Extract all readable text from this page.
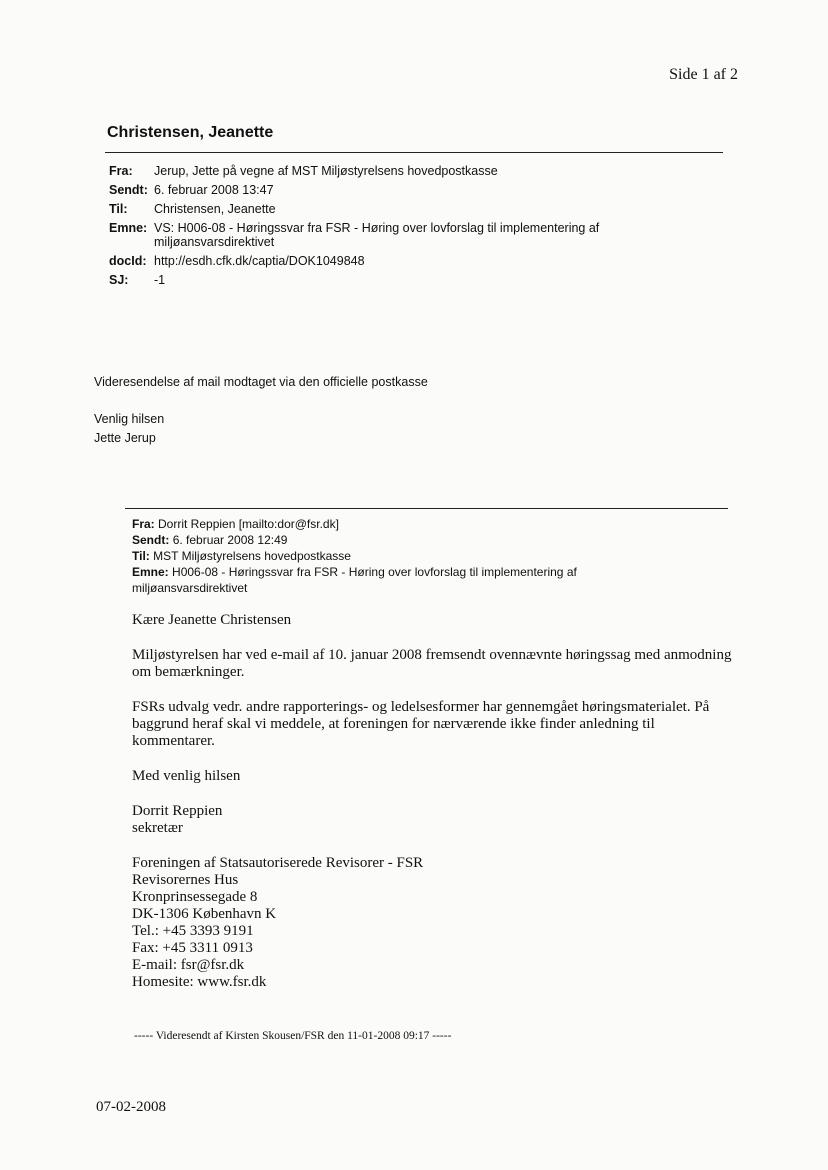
Side 1 af 2
Christensen, Jeanette
Fra:	Jerup, Jette på vegne af MST Miljøstyrelsens hovedpostkasse
Sendt: 6. februar 2008 13:47
Til:	Christensen, Jeanette
Emne: VS: H006-08 - Høringssvar fra FSR - Høring over lovforslag til implementering af miljøansvarsdirektivet
docId: http://esdh.cfk.dk/captia/DOK1049848
SJ:	-1
Videresendelse af mail modtaget via den officielle postkasse
Venlig hilsen
Jette Jerup
Fra: Dorrit Reppien [mailto:dor@fsr.dk]
Sendt: 6. februar 2008 12:49
Til: MST Miljøstyrelsens hovedpostkasse
Emne: H006-08 - Høringssvar fra FSR - Høring over lovforslag til implementering af miljøansvarsdirektivet

Kære Jeanette Christensen

Miljøstyrelsen har ved e-mail af 10. januar 2008 fremsendt ovennævnte høringssag med anmodning om bemærkninger.

FSRs udvalg vedr. andre rapporterings- og ledelsesformer har gennemgået høringsmaterialet. På baggrund heraf skal vi meddele, at foreningen for nærværende ikke finder anledning til kommentarer.

Med venlig hilsen

Dorrit Reppien
sekretær
Foreningen af Statsautoriserede Revisorer - FSR
Revisorernes Hus
Kronprinsessegade 8
DK-1306 København K
Tel.: +45 3393 9191
Fax: +45 3311 0913
E-mail: fsr@fsr.dk
Homesite: www.fsr.dk
----- Videresendt af Kirsten Skousen/FSR den 11-01-2008 09:17 -----
07-02-2008
